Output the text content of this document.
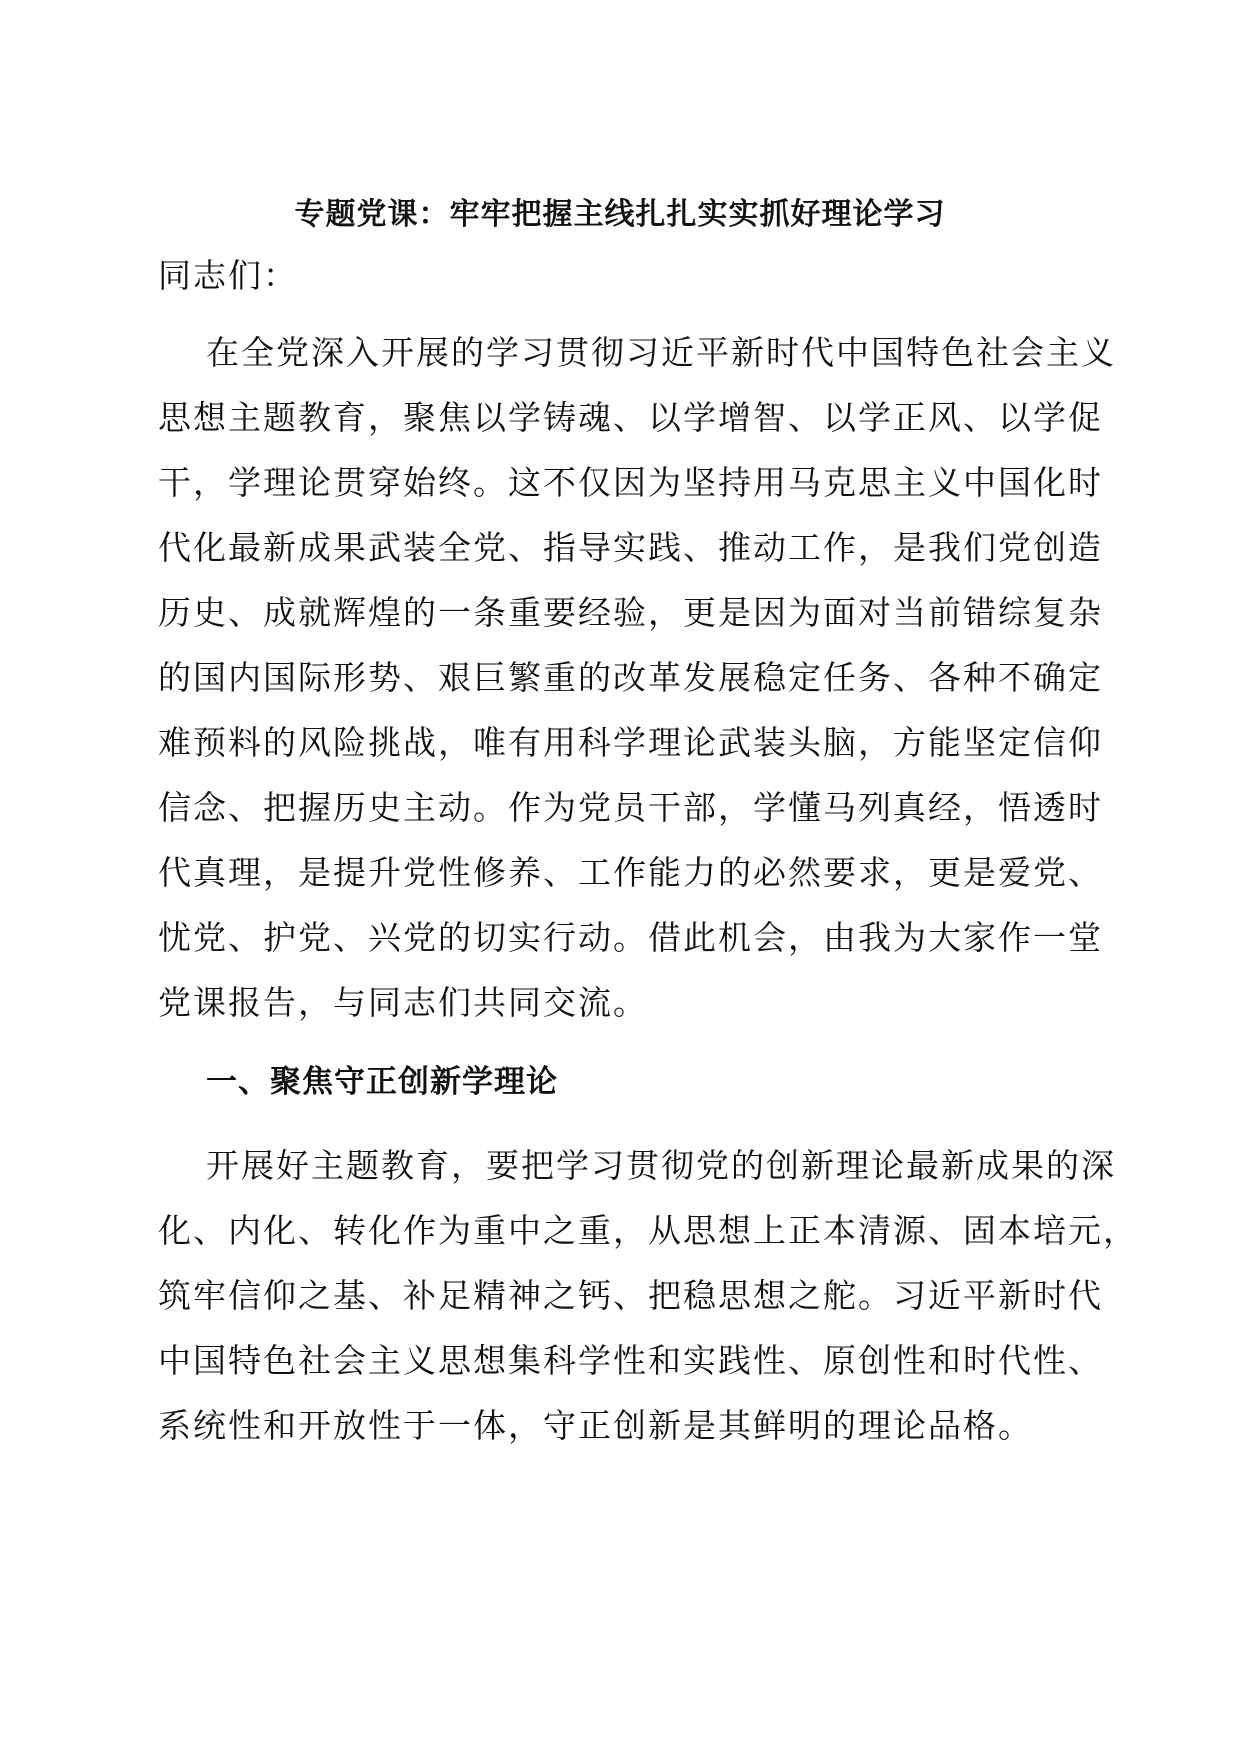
专题党课：牢牢把握主线扎扎实实抓好理论学习
同志们：
在全党深入开展的学习贯彻习近平新时代中国特色社会主义
思想主题教育，聚焦以学铸魂、以学增智、以学正风、以学促
干，学理论贯穿始终。这不仅因为坚持用马克思主义中国化时
代化最新成果武装全党、指导实践、推动工作，是我们党创造
历史、成就辉煌的一条重要经验，更是因为面对当前错综复杂
的国内国际形势、艰巨繁重的改革发展稳定任务、各种不确定
难预料的风险挑战，唯有用科学理论武装头脑，方能坚定信仰
信念、把握历史主动。作为党员干部，学懂马列真经，悟透时
代真理，是提升党性修养、工作能力的必然要求，更是爱党、
忧党、护党、兴党的切实行动。借此机会，由我为大家作一堂
党课报告，与同志们共同交流。
一、聚焦守正创新学理论
开展好主题教育，要把学习贯彻党的创新理论最新成果的深
化、内化、转化作为重中之重，从思想上正本清源、固本培元，
筑牢信仰之基、补足精神之钙、把稳思想之舵。习近平新时代
中国特色社会主义思想集科学性和实践性、原创性和时代性、
系统性和开放性于一体，守正创新是其鲜明的理论品格。
